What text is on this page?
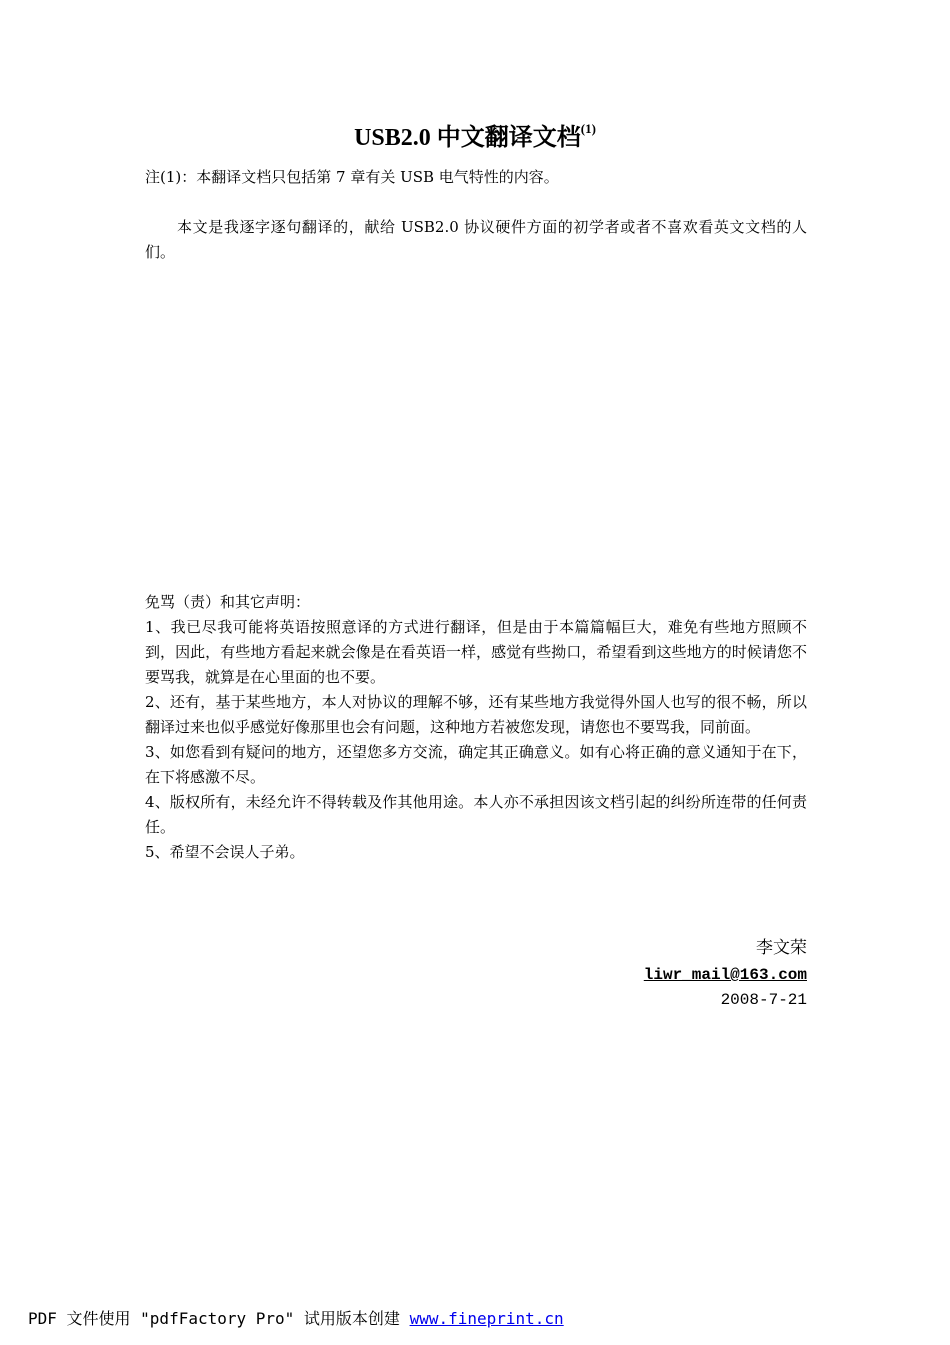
USB2.0 中文翻译文档$^{(1)}$
注(1)：本翻译文档只包括第 7 章有关 USB 电气特性的内容。
本文是我逐字逐句翻译的，献给 USB2.0 协议硬件方面的初学者或者不喜欢看英文文档的人们。

免骂（责）和其它声明：

1、我已尽我可能将英语按照意译的方式进行翻译，但是由于本篇篇幅巨大，难免有些地方照顾不到，因此，有些地方看起来就会像是在看英语一样，感觉有些拗口，希望看到这些地方的时候请您不要骂我，就算是在心里面的也不要。

2、还有，基于某些地方，本人对协议的理解不够，还有某些地方我觉得外国人也写的很不畅，所以翻译过来也似乎感觉好像那里也会有问题，这种地方若被您发现，请您也不要骂我，同前面。

3、如您看到有疑问的地方，还望您多方交流，确定其正确意义。如有心将正确的意义通知于在下，在下将感激不尽。

4、版权所有，未经允许不得转载及作其他用途。本人亦不承担因该文档引起的纠纷所连带的任何责任。

5、希望不会误人子弟。

李文荣
liwr_mail@163.com
2008-7-21
PDF 文件使用 "pdfFactory Pro" 试用版本创建 www.fineprint.cn
